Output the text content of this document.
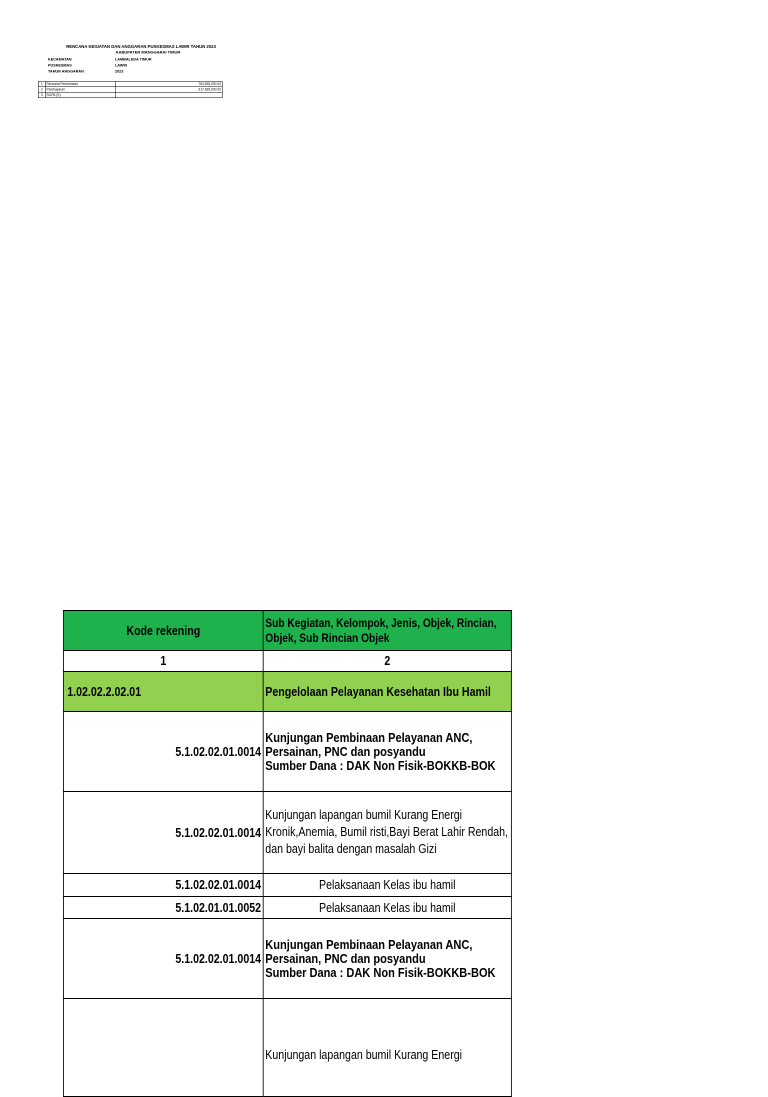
RENCANA KEGIATAN DAN ANGGARAN PUSKESMAS LAWIR TAHUN 2023
KABUPATEN MANGGARAI TIMUR
KECAMATAN	LAMBALEDA TIMUR
PUSKESMAS	LAWIR
TAHUN ANGGARAN	2023
1	Rencana Penerimaan	763,635,000.00
2	Pembayaran	617,635,000.00
3	SILPA (S)	
Kode rekening	Sub Kegiatan, Kelompok, Jenis, Objek, Rincian, Objek, Sub Rincian Objek
1	2
1.02.02.2.02.01	Pengelolaan Pelayanan Kesehatan Ibu Hamil

5.1.02.02.01.0014	Kunjungan Pembinaan Pelayanan ANC, Persainan, PNC dan posyandu
Sumber Dana : DAK Non Fisik-BOKKB-BOK

5.1.02.02.01.0014	Kunjungan lapangan bumil Kurang Energi Kronik,Anemia, Bumil risti,Bayi Berat Lahir Rendah, dan bayi balita dengan masalah Gizi

5.1.02.02.01.0014	Pelaksanaan Kelas ibu hamil

5.1.02.01.01.0052	Pelaksanaan Kelas ibu hamil

5.1.02.02.01.0014	Kunjungan Pembinaan Pelayanan ANC, Persainan, PNC dan posyandu
Sumber Dana : DAK Non Fisik-BOKKB-BOK

	Kunjungan lapangan bumil Kurang Energi
